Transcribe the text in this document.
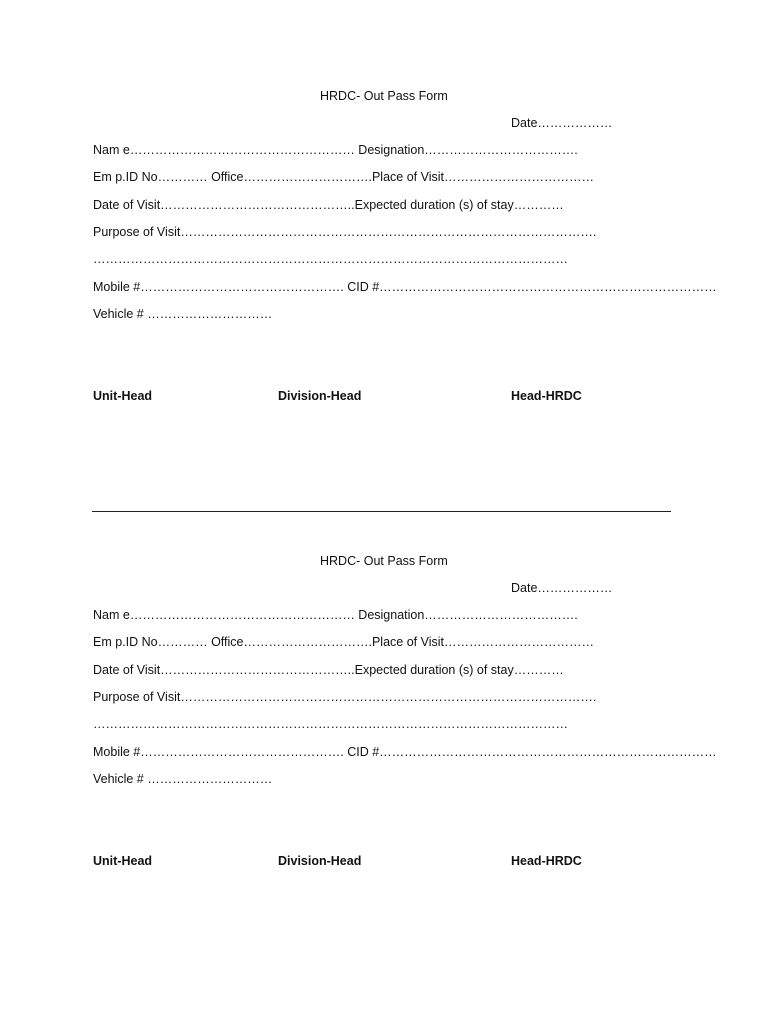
HRDC- Out Pass Form
Date………………
Nam e……………………………………………… Designation……………………………….
Em p.ID No………… Office………………………….Place of Visit………………………………
Date of Visit………………………………………..Expected duration (s) of stay…………
Purpose of Visit……………………………………………………………………………………….
……………………………………………………………………………………………………
Mobile #…………………………………………. CID #………………………………………………………………………
Vehicle # …………………………
Unit-Head	Division-Head	Head-HRDC
HRDC- Out Pass Form
Date………………
Nam e……………………………………………… Designation……………………………….
Em p.ID No………… Office………………………….Place of Visit………………………………
Date of Visit………………………………………..Expected duration (s) of stay…………
Purpose of Visit……………………………………………………………………………………….
……………………………………………………………………………………………………
Mobile #…………………………………………. CID #………………………………………………………………………
Vehicle # …………………………
Unit-Head	Division-Head	Head-HRDC
